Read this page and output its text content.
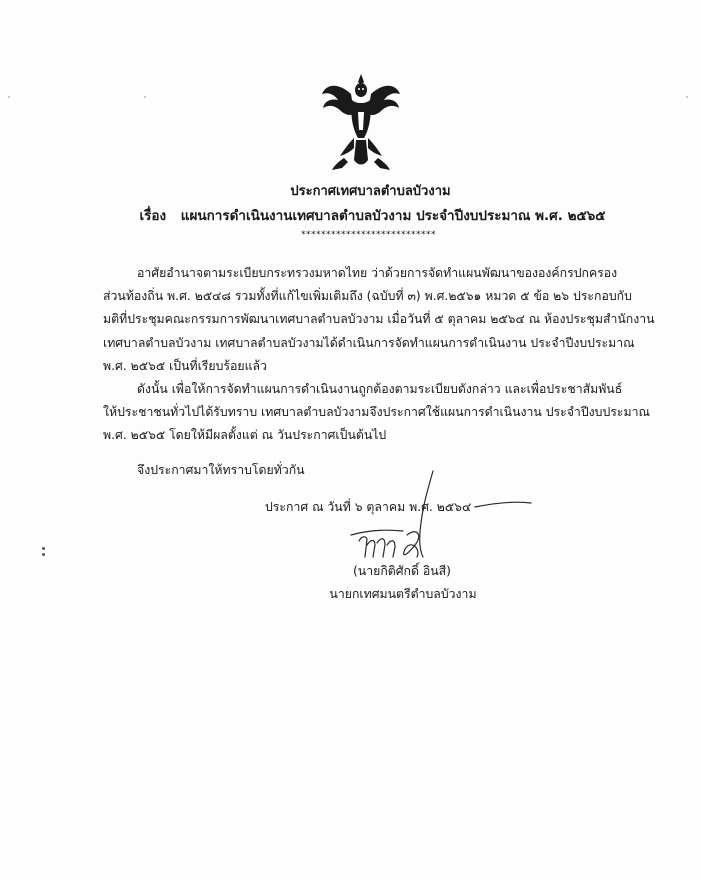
ประกาศเทศบาลตำบลบัวงาม
เรื่อง แผนการดำเนินงานเทศบาลตำบลบัวงาม ประจำปีงบประมาณ พ.ศ. ๒๕๖๕
***************************
อาศัยอำนาจตามระเบียบกระทรวงมหาดไทย ว่าด้วยการจัดทำแผนพัฒนาขององค์กรปกครอง
ส่วนท้องถิ่น พ.ศ. ๒๕๔๘ รวมทั้งที่แก้ไขเพิ่มเติมถึง (ฉบับที่ ๓) พ.ศ.๒๕๖๑ หมวด ๕ ข้อ ๒๖ ประกอบกับ
มติที่ประชุมคณะกรรมการพัฒนาเทศบาลตำบลบัวงาม เมื่อวันที่ ๕ ตุลาคม ๒๕๖๔ ณ ห้องประชุมสำนักงาน
เทศบาลตำบลบัวงาม เทศบาลตำบลบัวงามได้ดำเนินการจัดทำแผนการดำเนินงาน ประจำปีงบประมาณ
พ.ศ. ๒๕๖๕ เป็นที่เรียบร้อยแล้ว
ดังนั้น เพื่อให้การจัดทำแผนการดำเนินงานถูกต้องตามระเบียบดังกล่าว และเพื่อประชาสัมพันธ์
ให้ประชาชนทั่วไปได้รับทราบ เทศบาลตำบลบัวงามจึงประกาศใช้แผนการดำเนินงาน ประจำปีงบประมาณ
พ.ศ. ๒๕๖๕ โดยให้มีผลตั้งแต่ ณ วันประกาศเป็นต้นไป
จึงประกาศมาให้ทราบโดยทั่วกัน
ประกาศ ณ วันที่ ๖ ตุลาคม พ.ศ. ๒๕๖๔
(นายกิติศักดิ์ อินสี)
นายกเทศมนตรีตำบลบัวงาม
